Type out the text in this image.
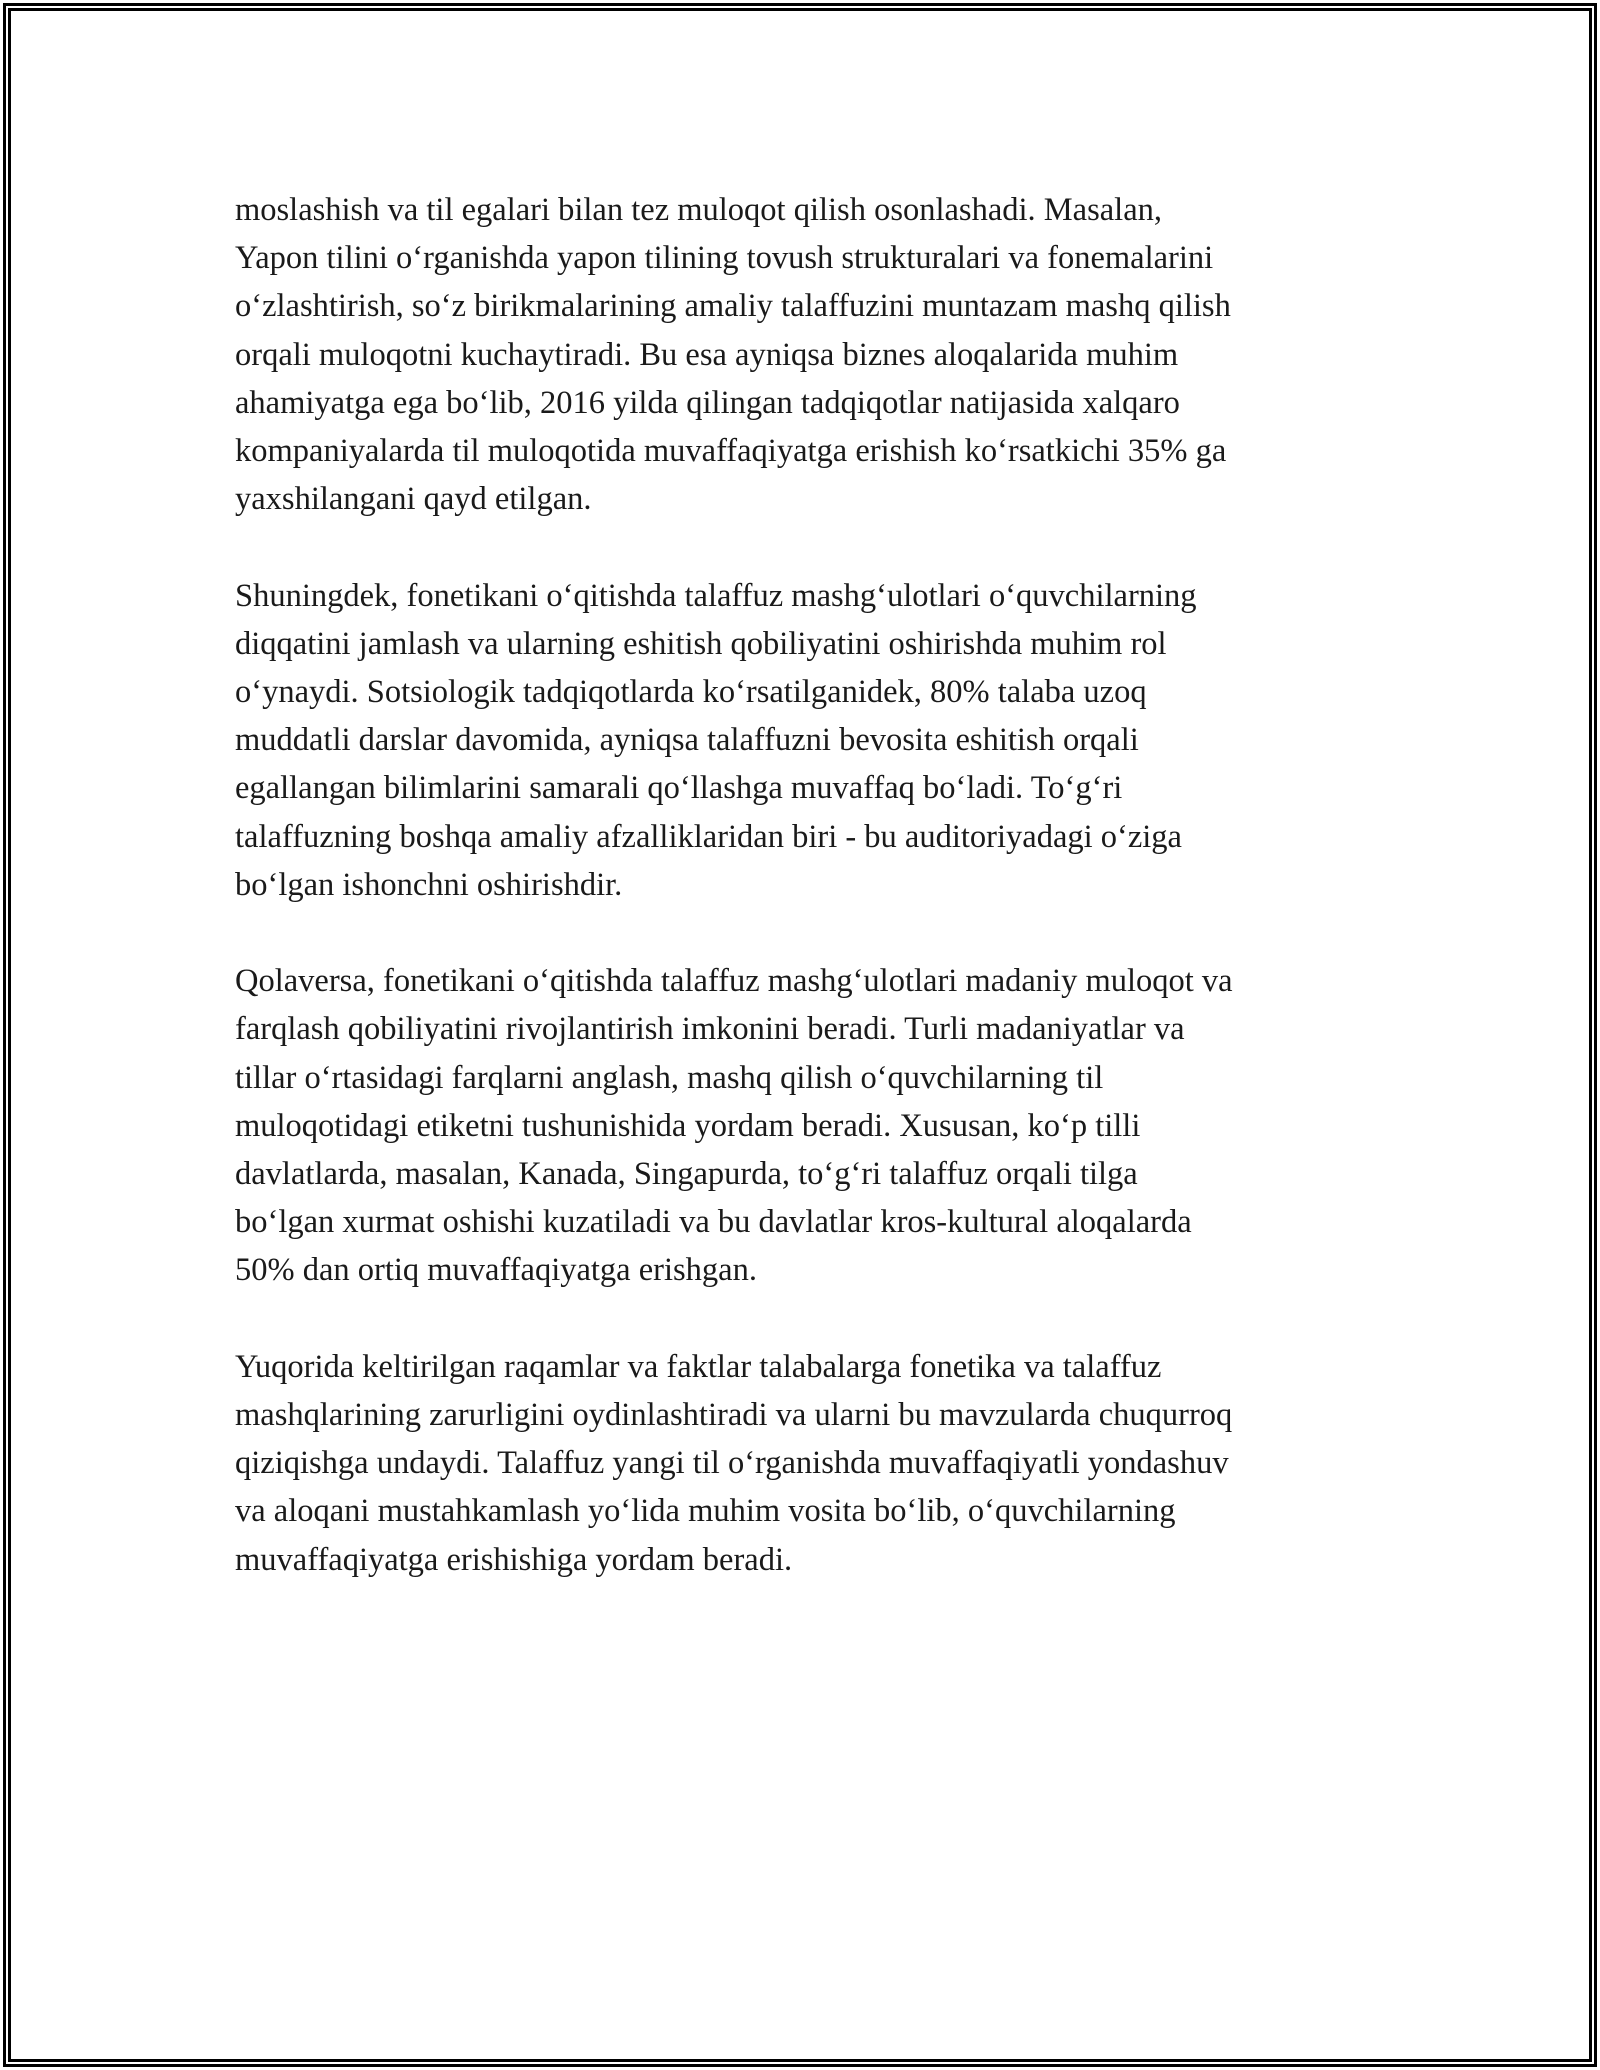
moslashish va til egalari bilan tez muloqot qilish osonlashadi. Masalan,
Yapon tilini o‘rganishda yapon tilining tovush strukturalari va fonemalarini
o‘zlashtirish, so‘z birikmalarining amaliy talaffuzini muntazam mashq qilish
orqali muloqotni kuchaytiradi. Bu esa ayniqsa biznes aloqalarida muhim
ahamiyatga ega bo‘lib, 2016 yilda qilingan tadqiqotlar natijasida xalqaro
kompaniyalarda til muloqotida muvaffaqiyatga erishish ko‘rsatkichi 35% ga
yaxshilangani qayd etilgan.

Shuningdek, fonetikani o‘qitishda talaffuz mashg‘ulotlari o‘quvchilarning
diqqatini jamlash va ularning eshitish qobiliyatini oshirishda muhim rol
o‘ynaydi. Sotsiologik tadqiqotlarda ko‘rsatilganidek, 80% talaba uzoq
muddatli darslar davomida, ayniqsa talaffuzni bevosita eshitish orqali
egallangan bilimlarini samarali qo‘llashga muvaffaq bo‘ladi. To‘g‘ri
talaffuzning boshqa amaliy afzalliklaridan biri - bu auditoriyadagi o‘ziga
bo‘lgan ishonchni oshirishdir.

Qolaversa, fonetikani o‘qitishda talaffuz mashg‘ulotlari madaniy muloqot va
farqlash qobiliyatini rivojlantirish imkonini beradi. Turli madaniyatlar va
tillar o‘rtasidagi farqlarni anglash, mashq qilish o‘quvchilarning til
muloqotidagi etiketni tushunishida yordam beradi. Xususan, ko‘p tilli
davlatlarda, masalan, Kanada, Singapurda, to‘g‘ri talaffuz orqali tilga
bo‘lgan xurmat oshishi kuzatiladi va bu davlatlar kros-kultural aloqalarda
50% dan ortiq muvaffaqiyatga erishgan.

Yuqorida keltirilgan raqamlar va faktlar talabalarga fonetika va talaffuz
mashqlarining zarurligini oydinlashtiradi va ularni bu mavzularda chuqurroq
qiziqishga undaydi. Talaffuz yangi til o‘rganishda muvaffaqiyatli yondashuv
va aloqani mustahkamlash yo‘lida muhim vosita bo‘lib, o‘quvchilarning
muvaffaqiyatga erishishiga yordam beradi.
